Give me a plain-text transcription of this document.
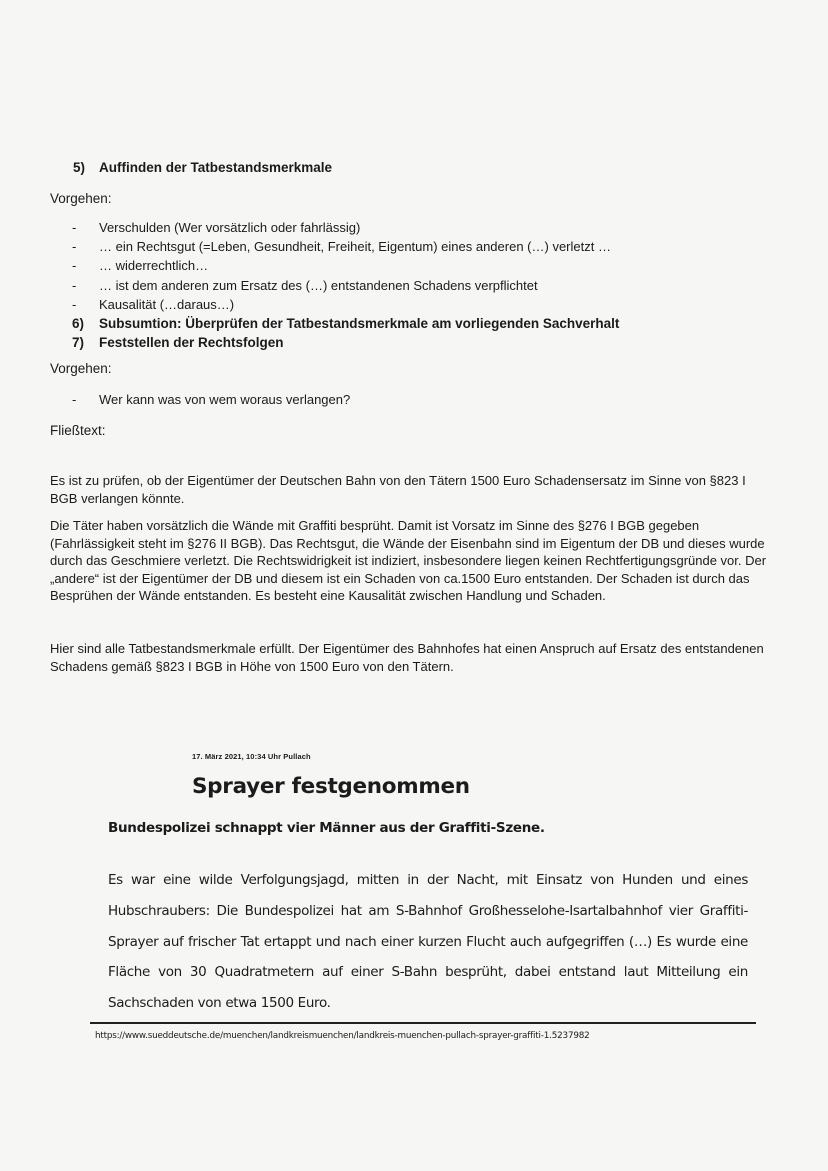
5) Auffinden der Tatbestandsmerkmale
Vorgehen:
- Verschulden (Wer vorsätzlich oder fahrlässig)
- … ein Rechtsgut (=Leben, Gesundheit, Freiheit, Eigentum) eines anderen (…) verletzt …
- … widerrechtlich…
- … ist dem anderen zum Ersatz des (…) entstandenen Schadens verpflichtet
- Kausalität (…daraus…)
6) Subsumtion: Überprüfen der Tatbestandsmerkmale am vorliegenden Sachverhalt
7) Feststellen der Rechtsfolgen
Vorgehen:
- Wer kann was von wem woraus verlangen?
Fließtext:

Es ist zu prüfen, ob der Eigentümer der Deutschen Bahn von den Tätern 1500 Euro Schadensersatz im Sinne von §823 I BGB verlangen könnte.

Die Täter haben vorsätzlich die Wände mit Graffiti besprüht. Damit ist Vorsatz im Sinne des §276 I BGB gegeben (Fahrlässigkeit steht im §276 II BGB). Das Rechtsgut, die Wände der Eisenbahn sind im Eigentum der DB und dieses wurde durch das Geschmiere verletzt. Die Rechtswidrigkeit ist indiziert, insbesondere liegen keinen Rechtfertigungsgründe vor. Der „andere“ ist der Eigentümer der DB und diesem ist ein Schaden von ca.1500 Euro entstanden. Der Schaden ist durch das Besprühen der Wände entstanden. Es besteht eine Kausalität zwischen Handlung und Schaden.

Hier sind alle Tatbestandsmerkmale erfüllt. Der Eigentümer des Bahnhofes hat einen Anspruch auf Ersatz des entstandenen Schadens gemäß §823 I BGB in Höhe von 1500 Euro von den Tätern.

17. März 2021, 10:34 Uhr Pullach
Sprayer festgenommen
Bundespolizei schnappt vier Männer aus der Graffiti-Szene.

Es war eine wilde Verfolgungsjagd, mitten in der Nacht, mit Einsatz von Hunden und eines Hubschraubers: Die Bundespolizei hat am S-Bahnhof Großhesselohe-Isartalbahnhof vier Graffiti-Sprayer auf frischer Tat ertappt und nach einer kurzen Flucht auch aufgegriffen (…) Es wurde eine Fläche von 30 Quadratmetern auf einer S-Bahn besprüht, dabei entstand laut Mitteilung ein Sachschaden von etwa 1500 Euro.

https://www.sueddeutsche.de/muenchen/landkreismuenchen/landkreis-muenchen-pullach-sprayer-graffiti-1.5237982
